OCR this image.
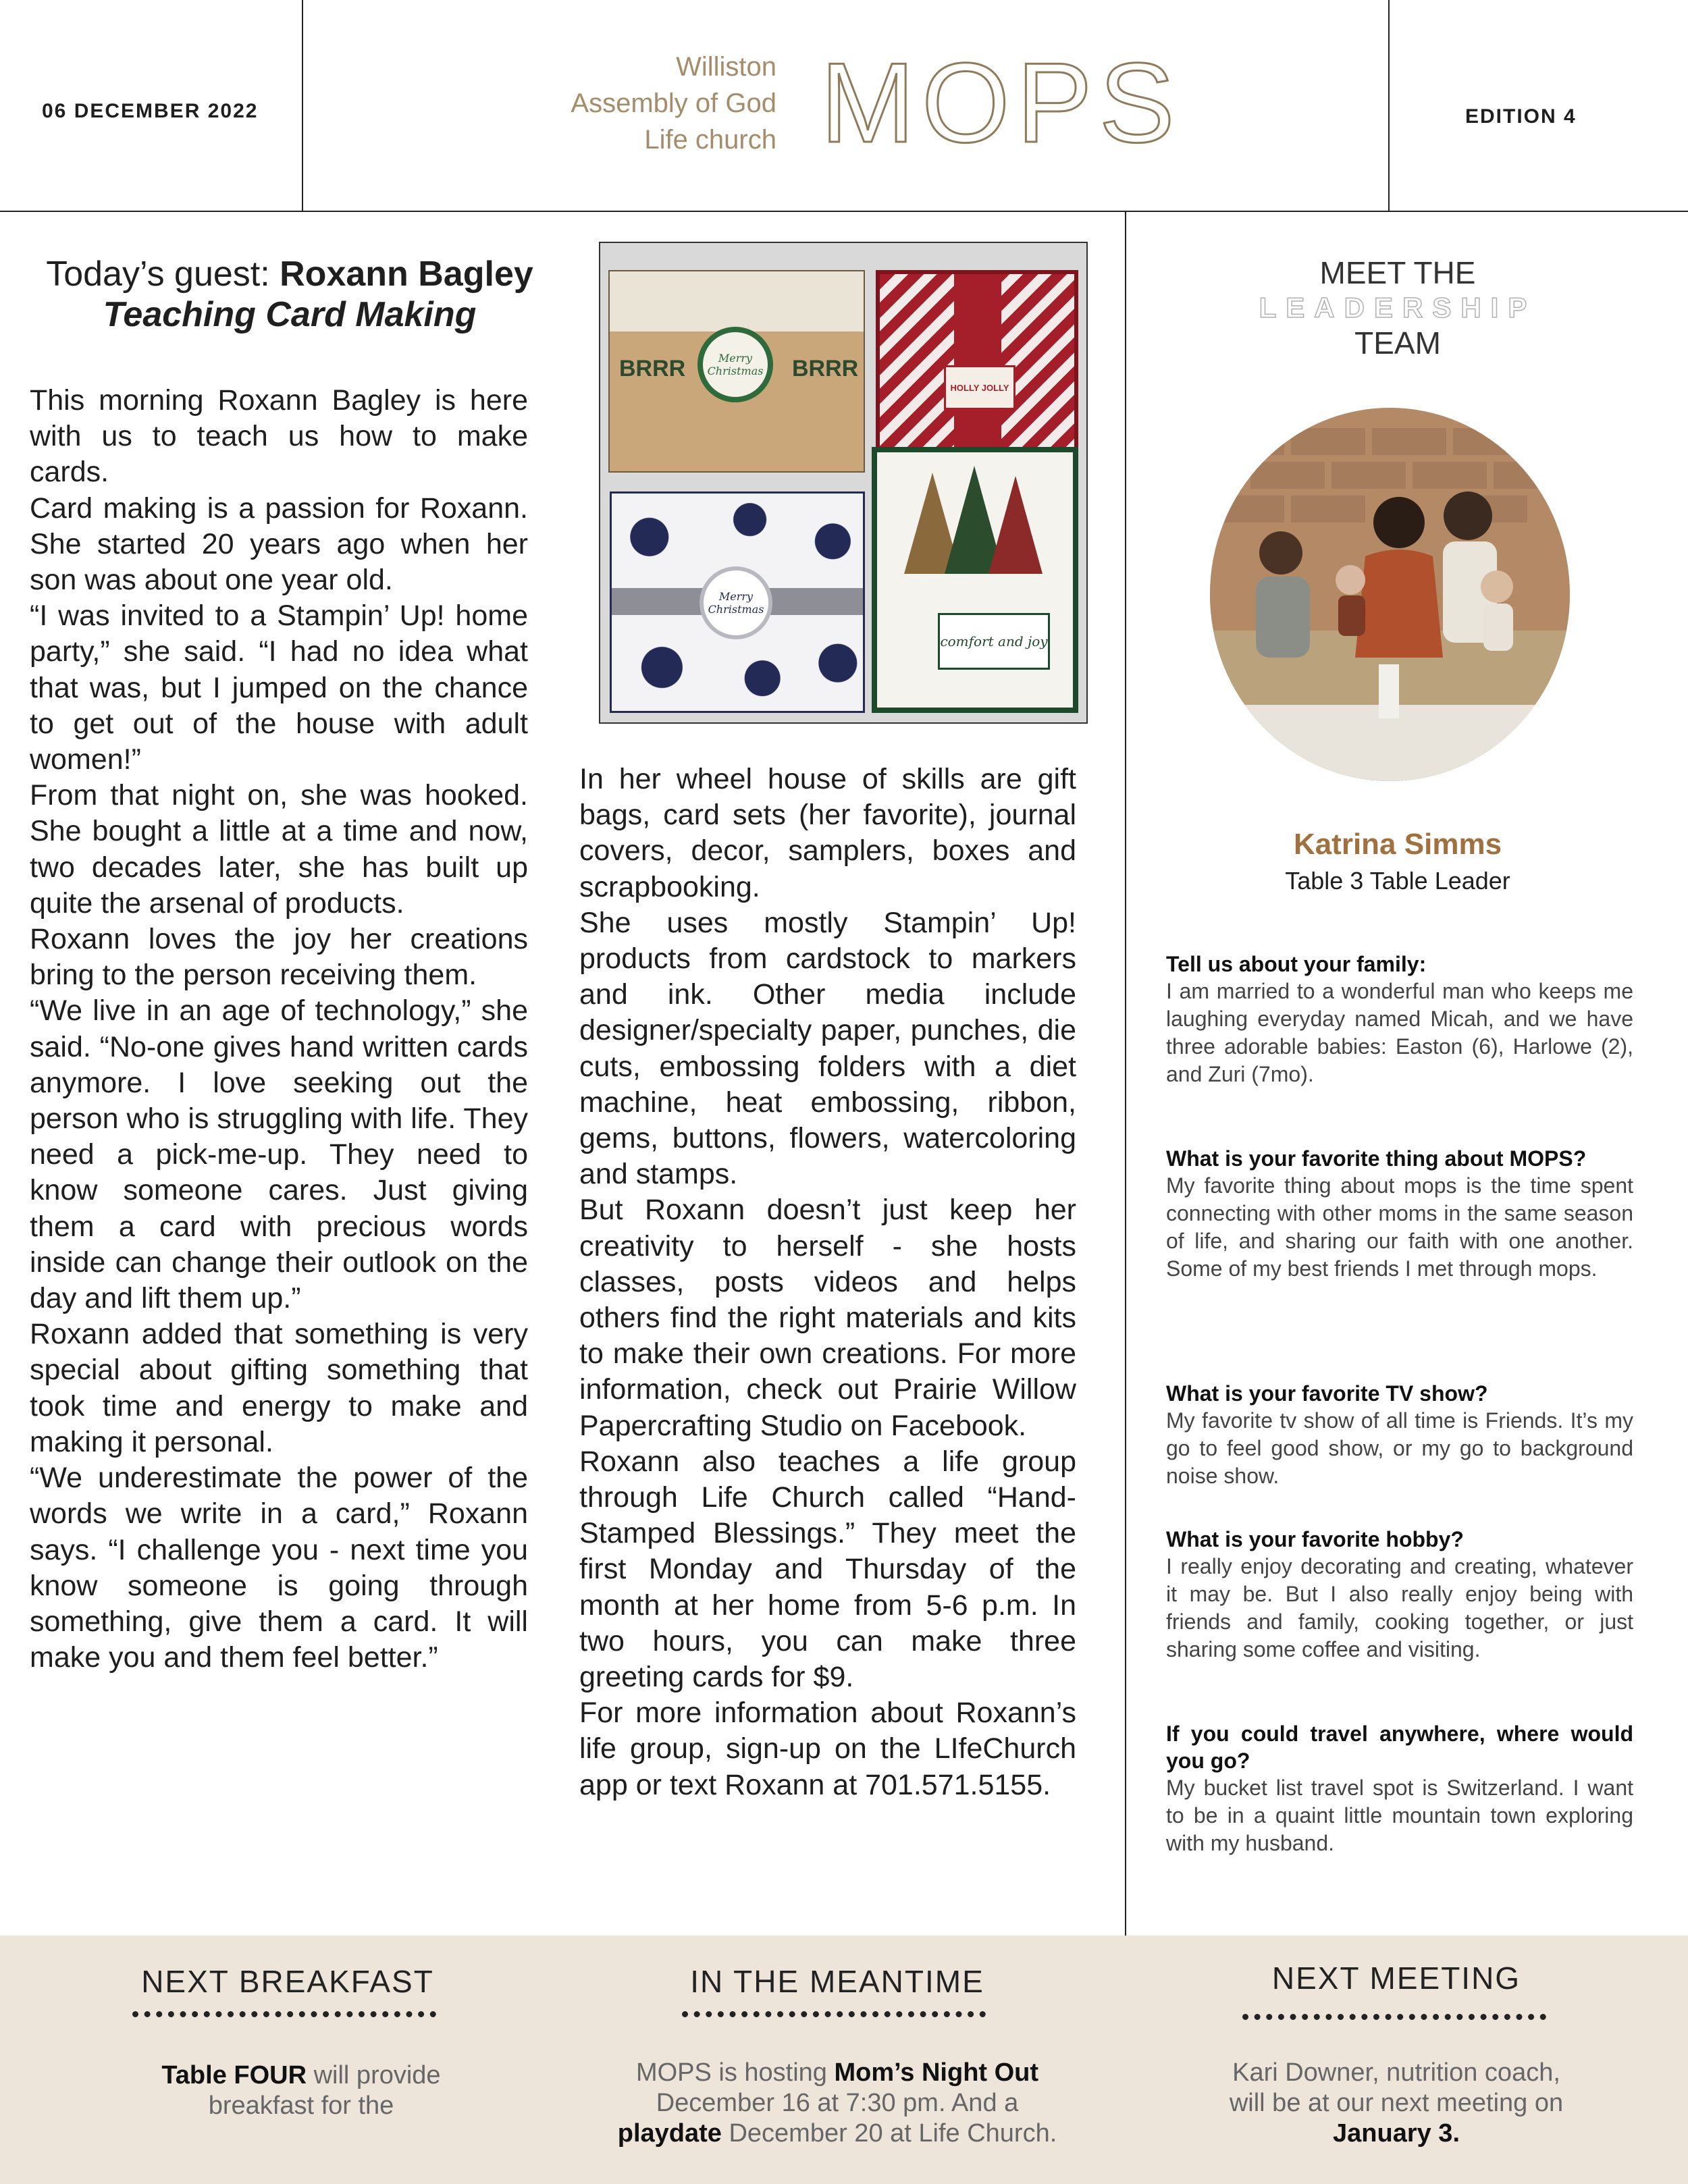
06 DECEMBER 2022
Williston
Assembly of God
Life church MOPS	EDITION 4
Today’s guest: Roxann Bagley
Teaching Card Making

This morning Roxann Bagley is here with us to teach us how to make cards.

Card making is a passion for Roxann. She started 20 years ago when her son was about one year old.

“I was invited to a Stampin’ Up! home party,” she said. “I had no idea what that was, but I jumped on the chance to get out of the house with adult women!”

From that night on, she was hooked. She bought a little at a time and now, two decades later, she has built up quite the arsenal of products.

Roxann loves the joy her creations bring to the person receiving them.

“We live in an age of technology,” she said. “No-one gives hand written cards anymore. I love seeking out the person who is struggling with life. They need a pick-me-up. They need to know someone cares. Just giving them a card with precious words inside can change their outlook on the day and lift them up.”

Roxann added that something is very special about gifting something that took time and energy to make and making it personal.

“We underestimate the power of the words we write in a card,” Roxann says. “I challenge you - next time you know someone is going through something, give them a card. It will make you and them feel better.”

BRRR	BRRR
Merry Christmas
HOLLY JOLLY
Merry Christmas
comfort and joy

In her wheel house of skills are gift bags, card sets (her favorite), journal covers, decor, samplers, boxes and scrapbooking.

She uses mostly Stampin’ Up! products from cardstock to markers and ink. Other media include designer/specialty paper, punches, die cuts, embossing folders with a diet machine, heat embossing, ribbon, gems, buttons, flowers, watercoloring and stamps.

But Roxann doesn’t just keep her creativity to herself - she hosts classes, posts videos and helps others find the right materials and kits to make their own creations. For more information, check out Prairie Willow Papercrafting Studio on Facebook.

Roxann also teaches a life group through Life Church called “Hand-Stamped Blessings.” They meet the first Monday and Thursday of the month at her home from 5-6 p.m. In two hours, you can make three greeting cards for $9.

For more information about Roxann’s life group, sign-up on the LIfeChurch app or text Roxann at 701.571.5155.

MEET THE
LEADERSHIP
TEAM
Katrina Simms
Table 3 Table Leader
Tell us about your family:
I am married to a wonderful man who keeps me laughing everyday named Micah, and we have three adorable babies: Easton (6), Harlowe (2), and Zuri (7mo).
What is your favorite thing about MOPS?
My favorite thing about mops is the time spent connecting with other moms in the same season of life, and sharing our faith with one another. Some of my best friends I met through mops.
What is your favorite TV show?
My favorite tv show of all time is Friends. It’s my go to feel good show, or my go to background noise show.
What is your favorite hobby?
I really enjoy decorating and creating, whatever it may be. But I also really enjoy being with friends and family, cooking together, or just sharing some coffee and visiting.
If you could travel anywhere, where would you go?
My bucket list travel spot is Switzerland. I want to be in a quaint little mountain town exploring with my husband.
NEXT BREAKFAST
Table FOUR will provide
breakfast for the
IN THE MEANTIME
MOPS is hosting Mom’s Night Out
December 16 at 7:30 pm. And a
playdate December 20 at Life Church.
NEXT MEETING
Kari Downer, nutrition coach,
will be at our next meeting on
January 3.
